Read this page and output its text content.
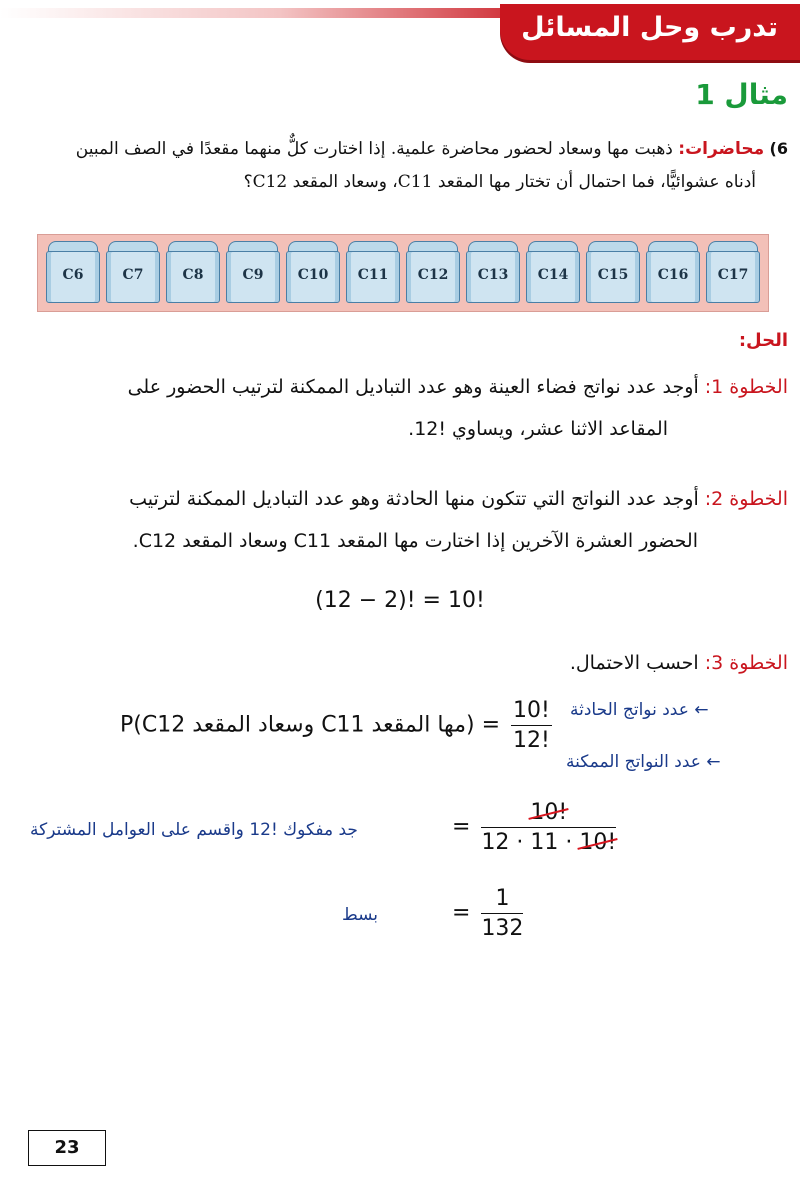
تدرب وحل المسائل
مثال 1
6) محاضرات: ذهبت مها وسعاد لحضور محاضرة علمية. إذا اختارت كلٌّ منهما مقعدًا في الصف المبين
أدناه عشوائيًّا، فما احتمال أن تختار مها المقعد C11، وسعاد المقعد C12؟
C6	C7	C8	C9	C10	C11	C12	C13	C14	C15	C16	C17
الحل:
الخطوة 1: أوجد عدد نواتج فضاء العينة وهو عدد التباديل الممكنة لترتيب الحضور على
المقاعد الاثنا عشر، ويساوي !12.
الخطوة 2: أوجد عدد النواتج التي تتكون منها الحادثة وهو عدد التباديل الممكنة لترتيب
الحضور العشرة الآخرين إذا اختارت مها المقعد C11 وسعاد المقعد C12.
(12 − 2)! = 10!
الخطوة 3: احسب الاحتمال.
P(C12 (مها المقعد C11 وسعاد المقعد = $\frac{10!}{12!}$ ← عدد نواتج الحادثة
← عدد النواتج الممكنة
= $\frac{10!}{12 \cdot 11 \cdot 10!}$
جد مفكوك !12 واقسم على العوامل المشتركة
= $\frac{1}{132}$
بسط
23
